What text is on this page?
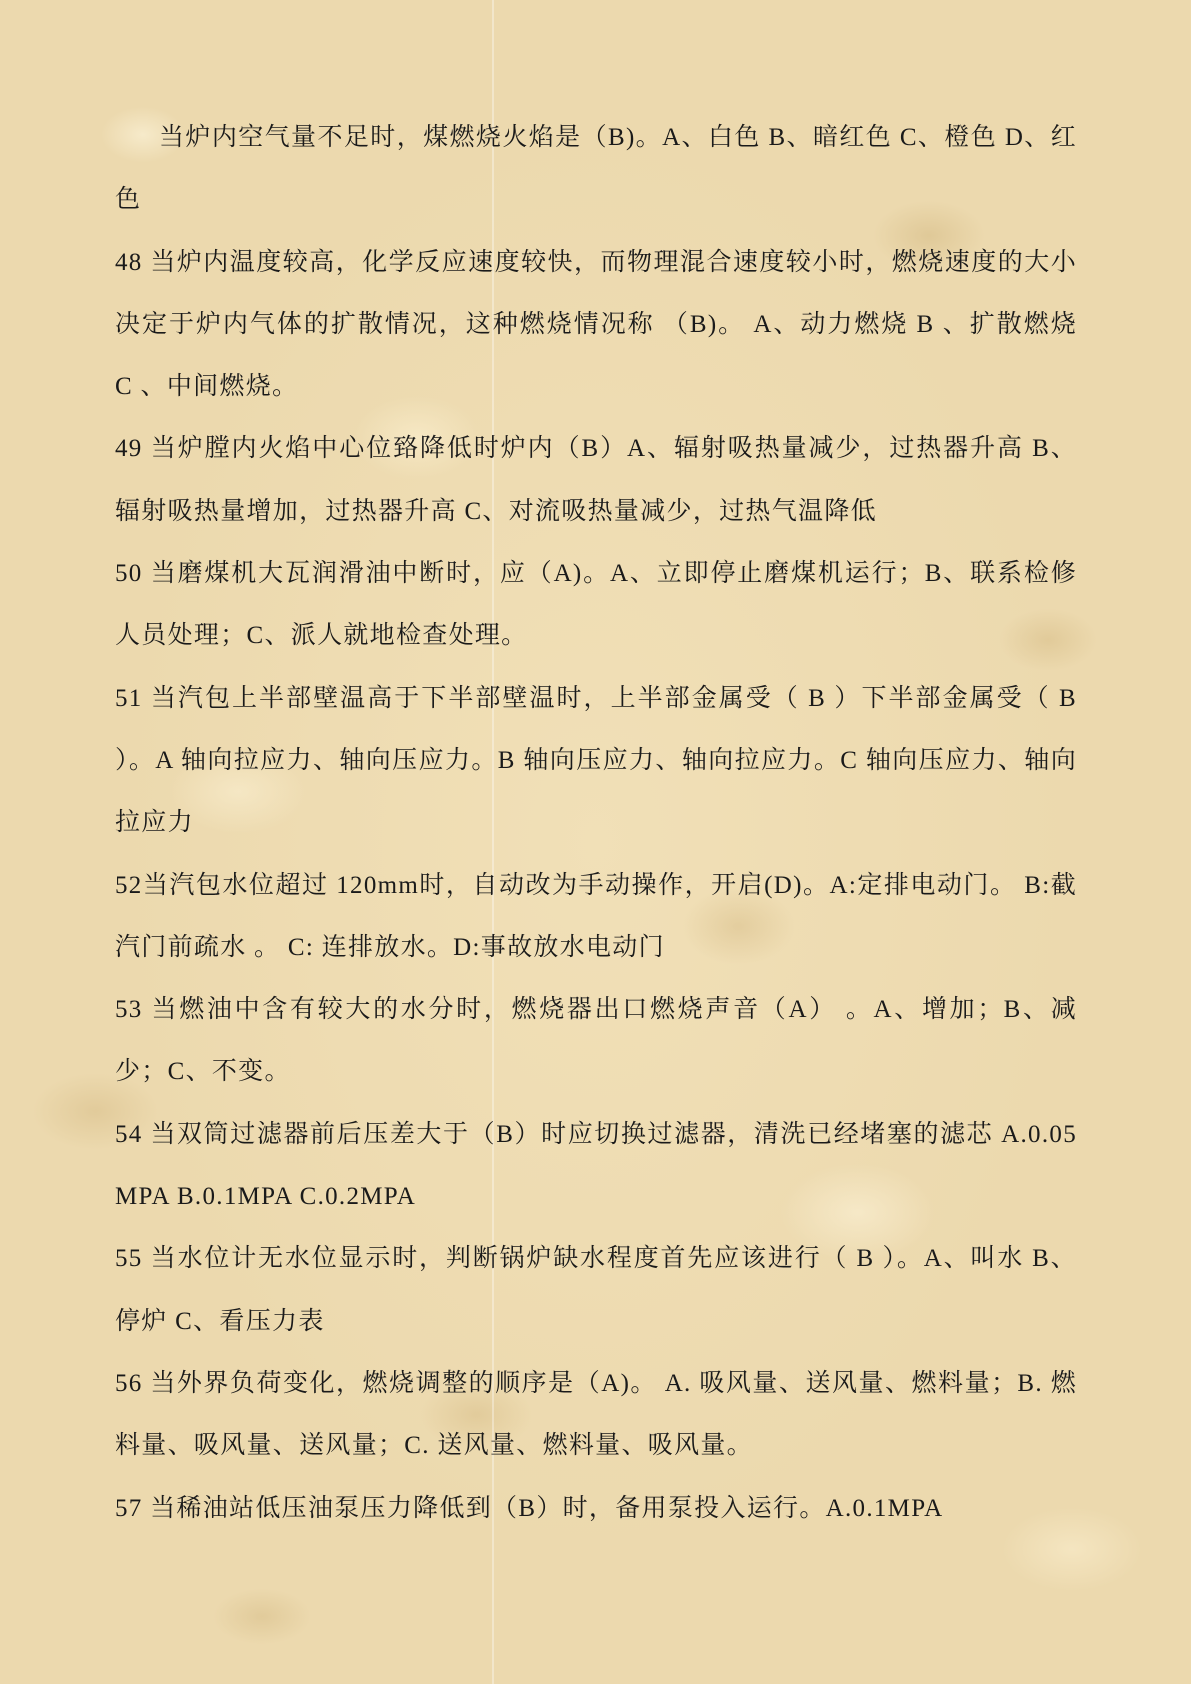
当炉内空气量不足时，煤燃烧火焰是（B)。A、白色 B、暗红色 C、橙色 D、红色

48 当炉内温度较高，化学反应速度较快，而物理混合速度较小时，燃烧速度的大小决定于炉内气体的扩散情况，这种燃烧情况称 （B)。 A、动力燃烧 B 、扩散燃烧 C 、中间燃烧。

49 当炉膛内火焰中心位臵降低时炉内（B）A、辐射吸热量减少，过热器升高 B、辐射吸热量增加，过热器升高 C、对流吸热量减少，过热气温降低

50 当磨煤机大瓦润滑油中断时，应（A)。A、立即停止磨煤机运行；B、联系检修人员处理；C、派人就地检查处理。

51 当汽包上半部壁温高于下半部壁温时，上半部金属受（ B ）下半部金属受（ B ）。A 轴向拉应力、轴向压应力。B 轴向压应力、轴向拉应力。C 轴向压应力、轴向拉应力

52当汽包水位超过 120mm时，自动改为手动操作，开启(D)。A:定排电动门。 B:截汽门前疏水 。 C: 连排放水。D:事故放水电动门

53 当燃油中含有较大的水分时，燃烧器出口燃烧声音（A） 。A、增加；B、减少；C、不变。

54 当双筒过滤器前后压差大于（B）时应切换过滤器，清洗已经堵塞的滤芯 A.0.05MPA B.0.1MPA C.0.2MPA

55 当水位计无水位显示时，判断锅炉缺水程度首先应该进行（ B ）。A、叫水 B、停炉 C、看压力表

56 当外界负荷变化，燃烧调整的顺序是（A)。 A. 吸风量、送风量、燃料量；B. 燃料量、吸风量、送风量；C. 送风量、燃料量、吸风量。

57 当稀油站低压油泵压力降低到（B）时，备用泵投入运行。A.0.1MPA
